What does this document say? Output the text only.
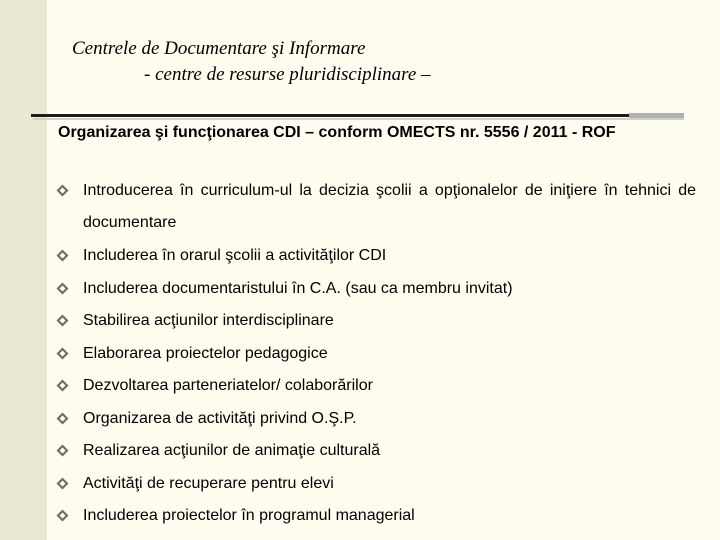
Centrele de Documentare şi Informare
- centre de resurse pluridisciplinare –
Organizarea şi funcţionarea CDI – conform OMECTS nr. 5556 / 2011 - ROF
Introducerea în curriculum-ul la decizia şcolii a opţionalelor de iniţiere în tehnici de documentare
Includerea în orarul şcolii a activităţilor CDI
Includerea documentaristului în C.A. (sau ca membru invitat)
Stabilirea acţiunilor interdisciplinare
Elaborarea proiectelor pedagogice
Dezvoltarea parteneriatelor/ colaborărilor
Organizarea de activităţi privind O.Ş.P.
Realizarea acţiunilor de animaţie culturală
Activităţi de recuperare pentru elevi
Includerea proiectelor în programul managerial
